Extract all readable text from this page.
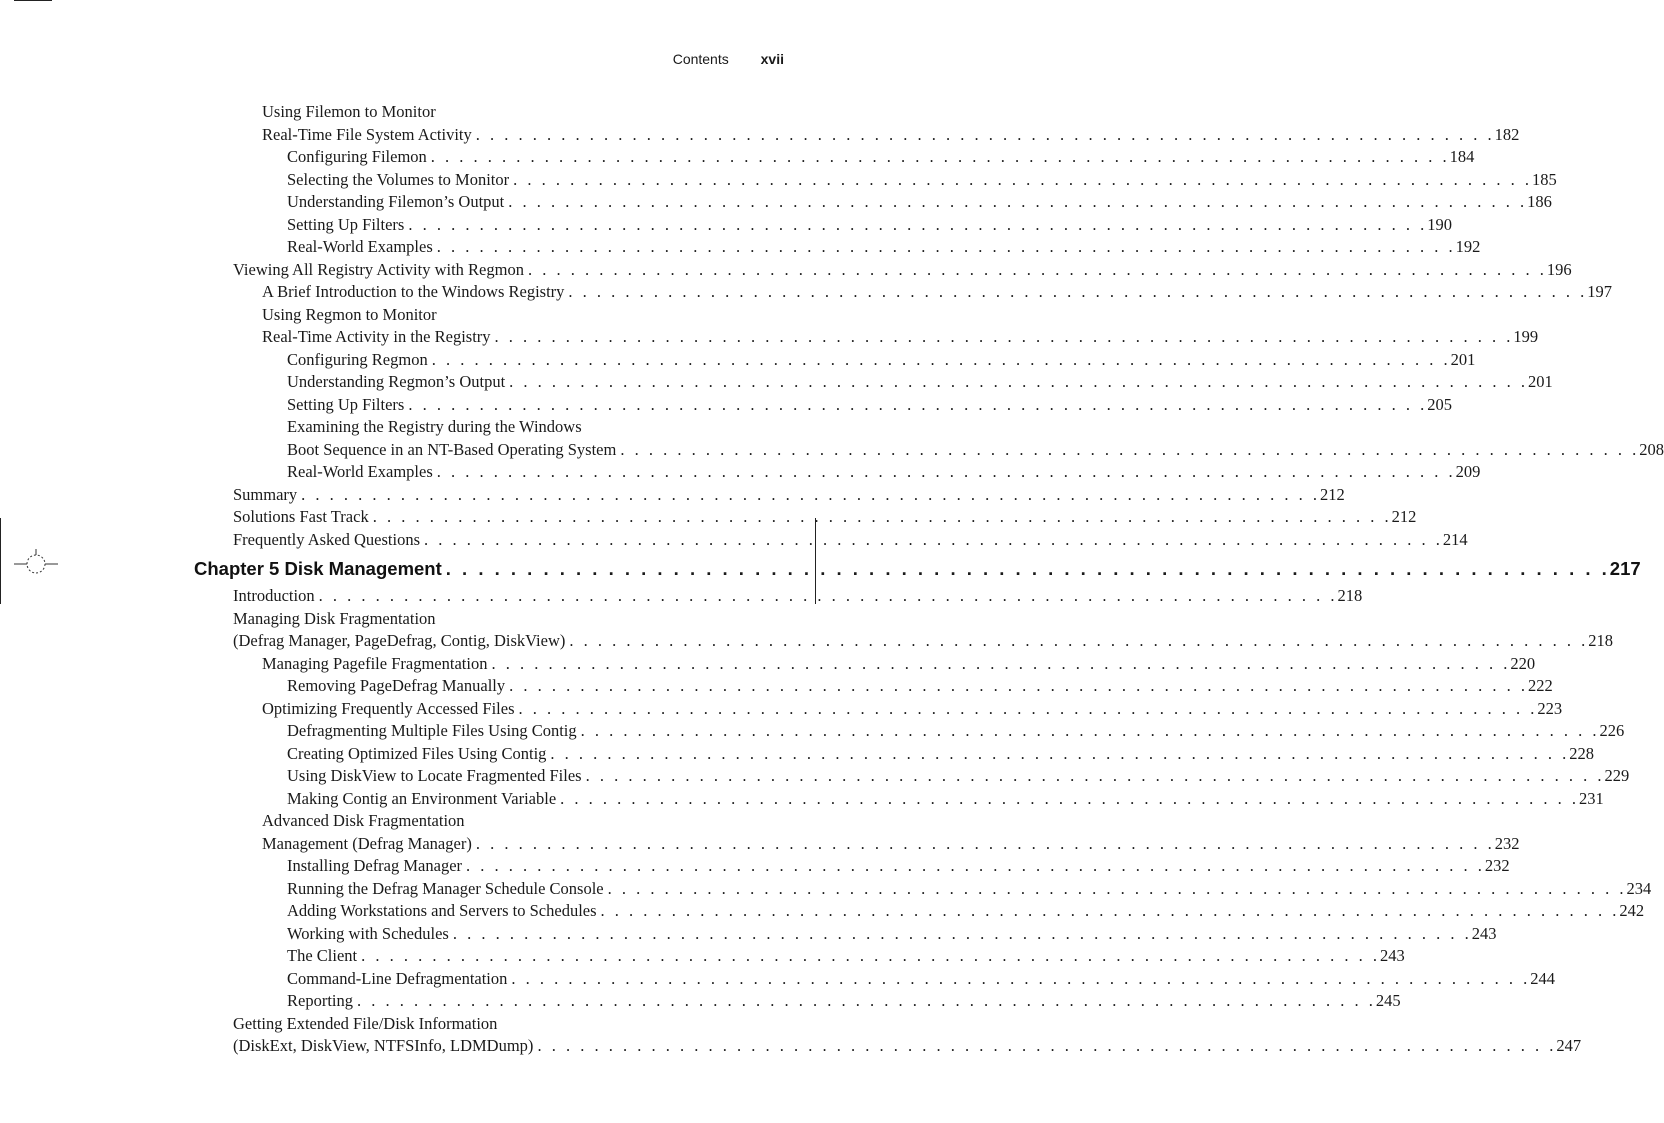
Contents xvii
Using Filemon to Monitor
Real-Time File System Activity . . . . . . . . . . . . . . . . . . . . . . . . . . . . . . . . . . . . . . . . . . . . . . . . . . . . . . . . . . . . . . . . . . . . . . . . 182
Configuring Filemon . . . . . . . . . . . . . . . . . . . . . . . . . . . . . . . . . . . . . . . . . . . . . . . . . . . . . . . . . . . . . . . . . . . . . . . . 184
Selecting the Volumes to Monitor . . . . . . . . . . . . . . . . . . . . . . . . . . . . . . . . . . . . . . . . . . . . . . . . . . . . . . . . . . . . . . . . . . . . . . . . 185
Understanding Filemon’s Output . . . . . . . . . . . . . . . . . . . . . . . . . . . . . . . . . . . . . . . . . . . . . . . . . . . . . . . . . . . . . . . . . . . . . . . . 186
Setting Up Filters . . . . . . . . . . . . . . . . . . . . . . . . . . . . . . . . . . . . . . . . . . . . . . . . . . . . . . . . . . . . . . . . . . . . . . . . 190
Real-World Examples . . . . . . . . . . . . . . . . . . . . . . . . . . . . . . . . . . . . . . . . . . . . . . . . . . . . . . . . . . . . . . . . . . . . . . . . 192
Viewing All Registry Activity with Regmon . . . . . . . . . . . . . . . . . . . . . . . . . . . . . . . . . . . . . . . . . . . . . . . . . . . . . . . . . . . . . . . . . . . . . . . . 196
A Brief Introduction to the Windows Registry . . . . . . . . . . . . . . . . . . . . . . . . . . . . . . . . . . . . . . . . . . . . . . . . . . . . . . . . . . . . . . . . . . . . . . . . 197
Using Regmon to Monitor
Real-Time Activity in the Registry . . . . . . . . . . . . . . . . . . . . . . . . . . . . . . . . . . . . . . . . . . . . . . . . . . . . . . . . . . . . . . . . . . . . . . . . 199
Configuring Regmon . . . . . . . . . . . . . . . . . . . . . . . . . . . . . . . . . . . . . . . . . . . . . . . . . . . . . . . . . . . . . . . . . . . . . . . . 201
Understanding Regmon’s Output . . . . . . . . . . . . . . . . . . . . . . . . . . . . . . . . . . . . . . . . . . . . . . . . . . . . . . . . . . . . . . . . . . . . . . . . 201
Setting Up Filters . . . . . . . . . . . . . . . . . . . . . . . . . . . . . . . . . . . . . . . . . . . . . . . . . . . . . . . . . . . . . . . . . . . . . . . . 205
Examining the Registry during the Windows
Boot Sequence in an NT-Based Operating System . . . . . . . . . . . . . . . . . . . . . . . . . . . . . . . . . . . . . . . . . . . . . . . . . . . . . . . . . . . . . . . . . . . . . . . . 208
Real-World Examples . . . . . . . . . . . . . . . . . . . . . . . . . . . . . . . . . . . . . . . . . . . . . . . . . . . . . . . . . . . . . . . . . . . . . . . . 209
Summary . . . . . . . . . . . . . . . . . . . . . . . . . . . . . . . . . . . . . . . . . . . . . . . . . . . . . . . . . . . . . . . . . . . . . . . . 212
Solutions Fast Track . . . . . . . . . . . . . . . . . . . . . . . . . . . . . . . . . . . . . . . . . . . . . . . . . . . . . . . . . . . . . . . . . . . . . . . . 212
Frequently Asked Questions . . . . . . . . . . . . . . . . . . . . . . . . . . . . . . . . . . . . . . . . . . . . . . . . . . . . . . . . . . . . . . . . . . . . . . . . 214
Chapter 5 Disk Management . . . . . . . . . . . . . . . . . . . . . . . . . . . . . . . . . . . . . . . . . . . . . . . . . . . . . . . . . . . . . . . . . . . . . . . . 217
Introduction . . . . . . . . . . . . . . . . . . . . . . . . . . . . . . . . . . . . . . . . . . . . . . . . . . . . . . . . . . . . . . . . . . . . . . . . 218
Managing Disk Fragmentation
(Defrag Manager, PageDefrag, Contig, DiskView) . . . . . . . . . . . . . . . . . . . . . . . . . . . . . . . . . . . . . . . . . . . . . . . . . . . . . . . . . . . . . . . . . . . . . . . . 218
Managing Pagefile Fragmentation . . . . . . . . . . . . . . . . . . . . . . . . . . . . . . . . . . . . . . . . . . . . . . . . . . . . . . . . . . . . . . . . . . . . . . . . 220
Removing PageDefrag Manually . . . . . . . . . . . . . . . . . . . . . . . . . . . . . . . . . . . . . . . . . . . . . . . . . . . . . . . . . . . . . . . . . . . . . . . . 222
Optimizing Frequently Accessed Files . . . . . . . . . . . . . . . . . . . . . . . . . . . . . . . . . . . . . . . . . . . . . . . . . . . . . . . . . . . . . . . . . . . . . . . . 223
Defragmenting Multiple Files Using Contig . . . . . . . . . . . . . . . . . . . . . . . . . . . . . . . . . . . . . . . . . . . . . . . . . . . . . . . . . . . . . . . . . . . . . . . . 226
Creating Optimized Files Using Contig . . . . . . . . . . . . . . . . . . . . . . . . . . . . . . . . . . . . . . . . . . . . . . . . . . . . . . . . . . . . . . . . . . . . . . . . 228
Using DiskView to Locate Fragmented Files . . . . . . . . . . . . . . . . . . . . . . . . . . . . . . . . . . . . . . . . . . . . . . . . . . . . . . . . . . . . . . . . . . . . . . . . 229
Making Contig an Environment Variable . . . . . . . . . . . . . . . . . . . . . . . . . . . . . . . . . . . . . . . . . . . . . . . . . . . . . . . . . . . . . . . . . . . . . . . . 231
Advanced Disk Fragmentation
Management (Defrag Manager) . . . . . . . . . . . . . . . . . . . . . . . . . . . . . . . . . . . . . . . . . . . . . . . . . . . . . . . . . . . . . . . . . . . . . . . . 232
Installing Defrag Manager . . . . . . . . . . . . . . . . . . . . . . . . . . . . . . . . . . . . . . . . . . . . . . . . . . . . . . . . . . . . . . . . . . . . . . . . 232
Running the Defrag Manager Schedule Console . . . . . . . . . . . . . . . . . . . . . . . . . . . . . . . . . . . . . . . . . . . . . . . . . . . . . . . . . . . . . . . . . . . . . . . . 234
Adding Workstations and Servers to Schedules . . . . . . . . . . . . . . . . . . . . . . . . . . . . . . . . . . . . . . . . . . . . . . . . . . . . . . . . . . . . . . . . . . . . . . . . 242
Working with Schedules . . . . . . . . . . . . . . . . . . . . . . . . . . . . . . . . . . . . . . . . . . . . . . . . . . . . . . . . . . . . . . . . . . . . . . . . 243
The Client . . . . . . . . . . . . . . . . . . . . . . . . . . . . . . . . . . . . . . . . . . . . . . . . . . . . . . . . . . . . . . . . . . . . . . . . 243
Command-Line Defragmentation . . . . . . . . . . . . . . . . . . . . . . . . . . . . . . . . . . . . . . . . . . . . . . . . . . . . . . . . . . . . . . . . . . . . . . . . 244
Reporting . . . . . . . . . . . . . . . . . . . . . . . . . . . . . . . . . . . . . . . . . . . . . . . . . . . . . . . . . . . . . . . . . . . . . . . . 245
Getting Extended File/Disk Information
(DiskExt, DiskView, NTFSInfo, LDMDump) . . . . . . . . . . . . . . . . . . . . . . . . . . . . . . . . . . . . . . . . . . . . . . . . . . . . . . . . . . . . . . . . . . . . . . . . 247
